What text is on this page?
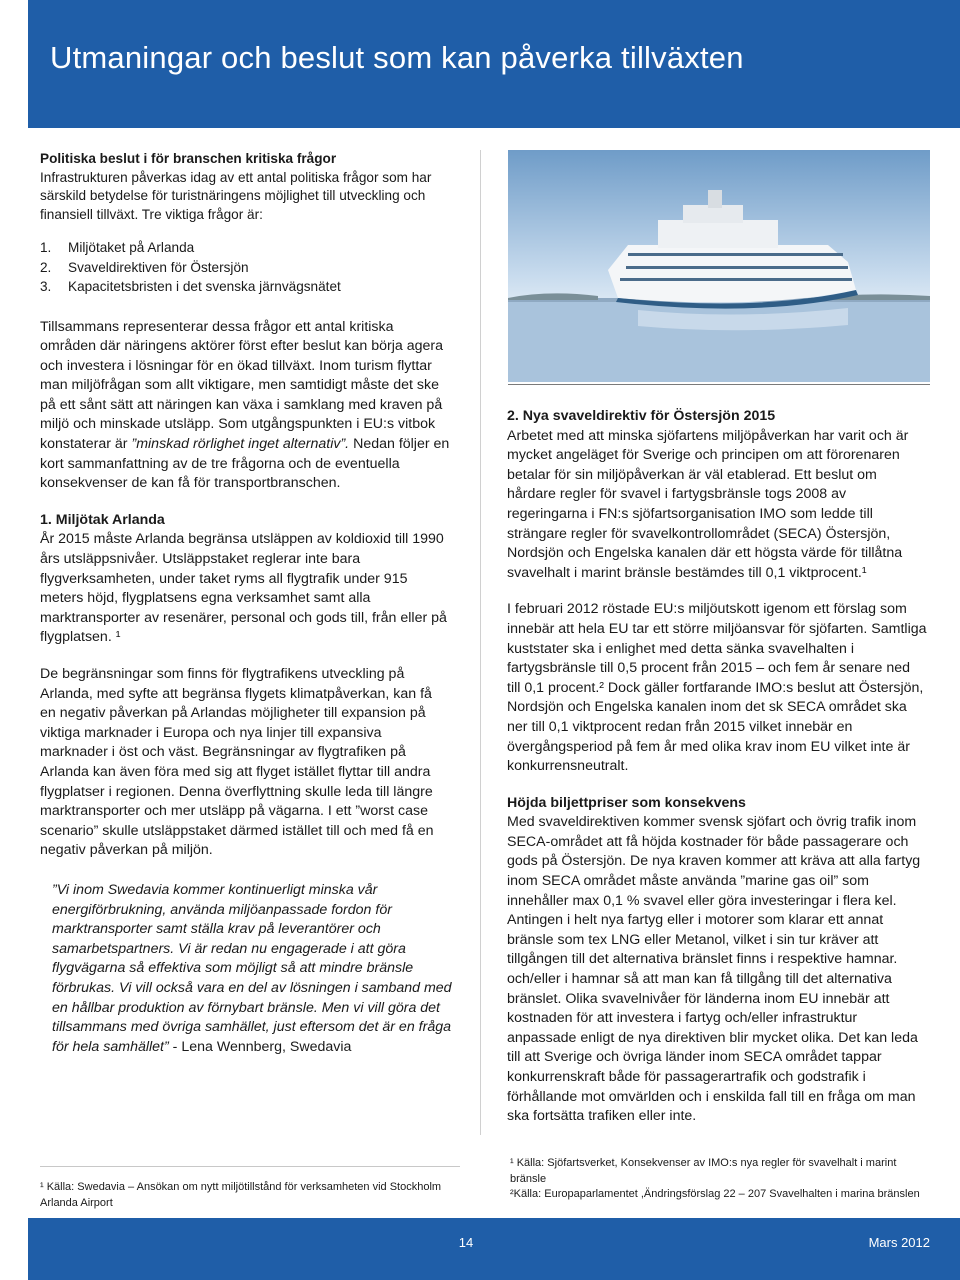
Utmaningar och beslut som kan påverka tillväxten

Politiska beslut i för branschen kritiska frågor

Infrastrukturen påverkas idag av ett antal politiska frågor som har särskild betydelse för turistnäringens möjlighet till utveckling och finansiell tillväxt. Tre viktiga frågor är:

1.	Miljötaket på Arlanda
2.	Svaveldirektiven för Östersjön
3.	Kapacitetsbristen i det svenska järnvägsnätet

Tillsammans representerar dessa frågor ett antal kritiska områden där näringens aktörer först efter beslut kan börja agera och investera i lösningar för en ökad tillväxt. Inom turism flyttar man miljöfrågan som allt viktigare, men samtidigt måste det ske på ett sånt sätt att näringen kan växa i samklang med kraven på miljö och minskade utsläpp. Som utgångspunkten i EU:s vitbok konstaterar är ”minskad rörlighet inget alternativ”. Nedan följer en kort sammanfattning av de tre frågorna och de eventuella konsekvenser de kan få för transportbranschen.

1. Miljötak Arlanda

År 2015 måste Arlanda begränsa utsläppen av koldioxid till 1990 års utsläppsnivåer. Utsläppstaket reglerar inte bara flygverksamheten, under taket ryms all flygtrafik under 915 meters höjd, flygplatsens egna verksamhet samt alla marktransporter av resenärer, personal och gods till, från eller på flygplatsen. ¹

De begränsningar som finns för flygtrafikens utveckling på Arlanda, med syfte att begränsa flygets klimatpåverkan, kan få en negativ påverkan på Arlandas möjligheter till expansion på viktiga marknader i Europa och nya linjer till expansiva marknader i öst och väst. Begränsningar av flygtrafiken på Arlanda kan även föra med sig att flyget istället flyttar till andra flygplatser i regionen. Denna överflyttning skulle leda till längre marktransporter och mer utsläpp på vägarna. I ett ”worst case scenario” skulle utsläppstaket därmed istället till och med få en negativ påverkan på miljön.

”Vi inom Swedavia kommer kontinuerligt minska vår energiförbrukning, använda miljöanpassade fordon för marktransporter samt ställa krav på leverantörer och samarbetspartners. Vi är redan nu engagerade i att göra flygvägarna så effektiva som möjligt så att mindre bränsle förbrukas. Vi vill också vara en del av lösningen i samband med en hållbar produktion av förnybart bränsle. Men vi vill göra det tillsammans med övriga samhället, just eftersom det är en fråga för hela samhället” - Lena Wennberg, Swedavia

2. Nya svaveldirektiv för Östersjön 2015

Arbetet med att minska sjöfartens miljöpåverkan har varit och är mycket angeläget för Sverige och principen om att förorenaren betalar för sin miljöpåverkan är väl etablerad. Ett beslut om hårdare regler för svavel i fartygsbränsle togs 2008 av regeringarna i FN:s sjöfartsorganisation IMO som ledde till strängare regler för svavelkontrollområdet (SECA) Östersjön, Nordsjön och Engelska kanalen där ett högsta värde för tillåtna svavelhalt i marint bränsle bestämdes till 0,1 viktprocent.¹

I februari 2012 röstade EU:s miljöutskott igenom ett förslag som innebär att hela EU tar ett större miljöansvar för sjöfarten. Samtliga kuststater ska i enlighet med detta sänka svavelhalten i fartygsbränsle till 0,5 procent från 2015 – och fem år senare ned till 0,1 procent.² Dock gäller fortfarande IMO:s beslut att Östersjön, Nordsjön och Engelska kanalen inom det sk SECA området ska ner till 0,1 viktprocent redan från 2015 vilket innebär en övergångsperiod på fem år med olika krav inom EU vilket inte är konkurrensneutralt.

Höjda biljettpriser som konsekvens

Med svaveldirektiven kommer svensk sjöfart och övrig trafik inom SECA-området att få höjda kostnader för både passagerare och gods på Östersjön. De nya kraven kommer att kräva att alla fartyg inom SECA området måste använda ”marine gas oil” som innehåller max 0,1 % svavel eller göra investeringar i flera kel. Antingen i helt nya fartyg eller i motorer som klarar ett annat bränsle som tex LNG eller Metanol, vilket i sin tur kräver att tillgången till det alternativa bränslet finns i respektive hamnar. och/eller i hamnar så att man kan få tillgång till det alternativa bränslet. Olika svavelnivåer för länderna inom EU innebär att kostnaden för att investera i fartyg och/eller infrastruktur anpassade enligt de nya direktiven blir mycket olika. Det kan leda till att Sverige och övriga länder inom SECA området tappar konkurrenskraft både för passagerartrafik och godstrafik i förhållande mot omvärlden och i enskilda fall till en fråga om man ska fortsätta trafiken eller inte.

¹ Källa: Swedavia – Ansökan om nytt miljötillstånd för verksamheten vid Stockholm Arlanda Airport

¹ Källa: Sjöfartsverket, Konsekvenser av IMO:s nya regler för svavelhalt i marint bränsle

²Källa: Europaparlamentet ,Ändringsförslag 22 – 207 Svavelhalten i marina bränslen

14	Mars 2012
